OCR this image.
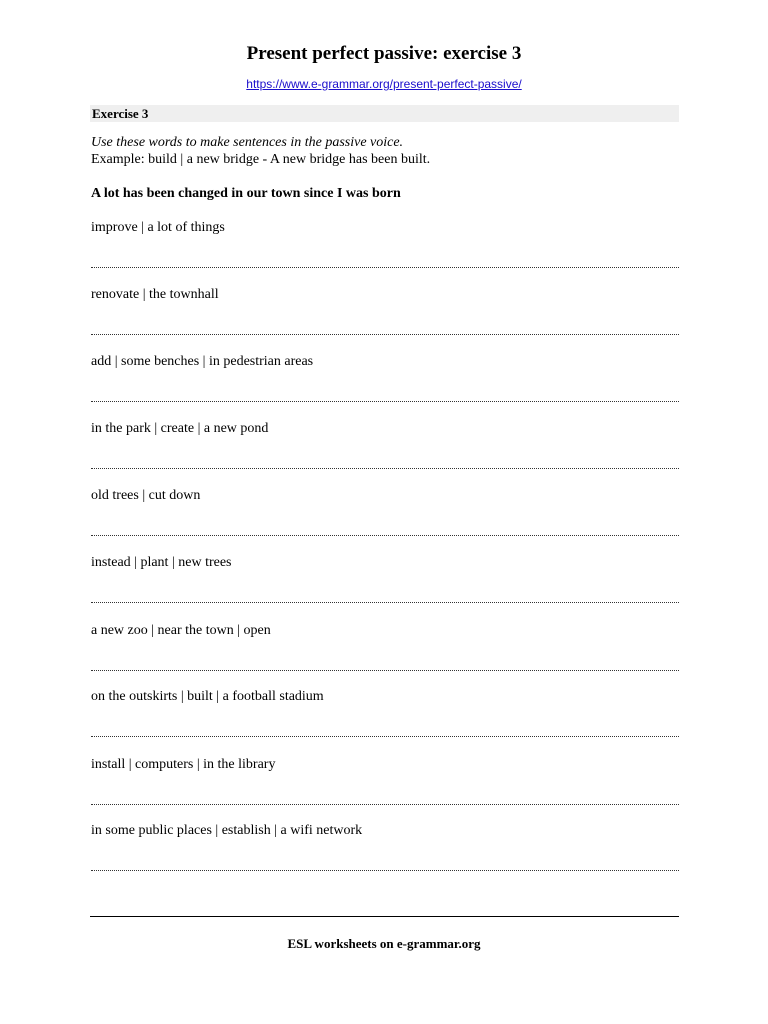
Present perfect passive: exercise 3
https://www.e-grammar.org/present-perfect-passive/
Exercise 3
Use these words to make sentences in the passive voice.
Example: build | a new bridge - A new bridge has been built.
A lot has been changed in our town since I was born
improve | a lot of things
renovate | the townhall
add | some benches | in pedestrian areas
in the park | create | a new pond
old trees | cut down
instead | plant | new trees
a new zoo | near the town | open
on the outskirts | built | a football stadium
install | computers | in the library
in some public places | establish | a wifi network
ESL worksheets on e-grammar.org
